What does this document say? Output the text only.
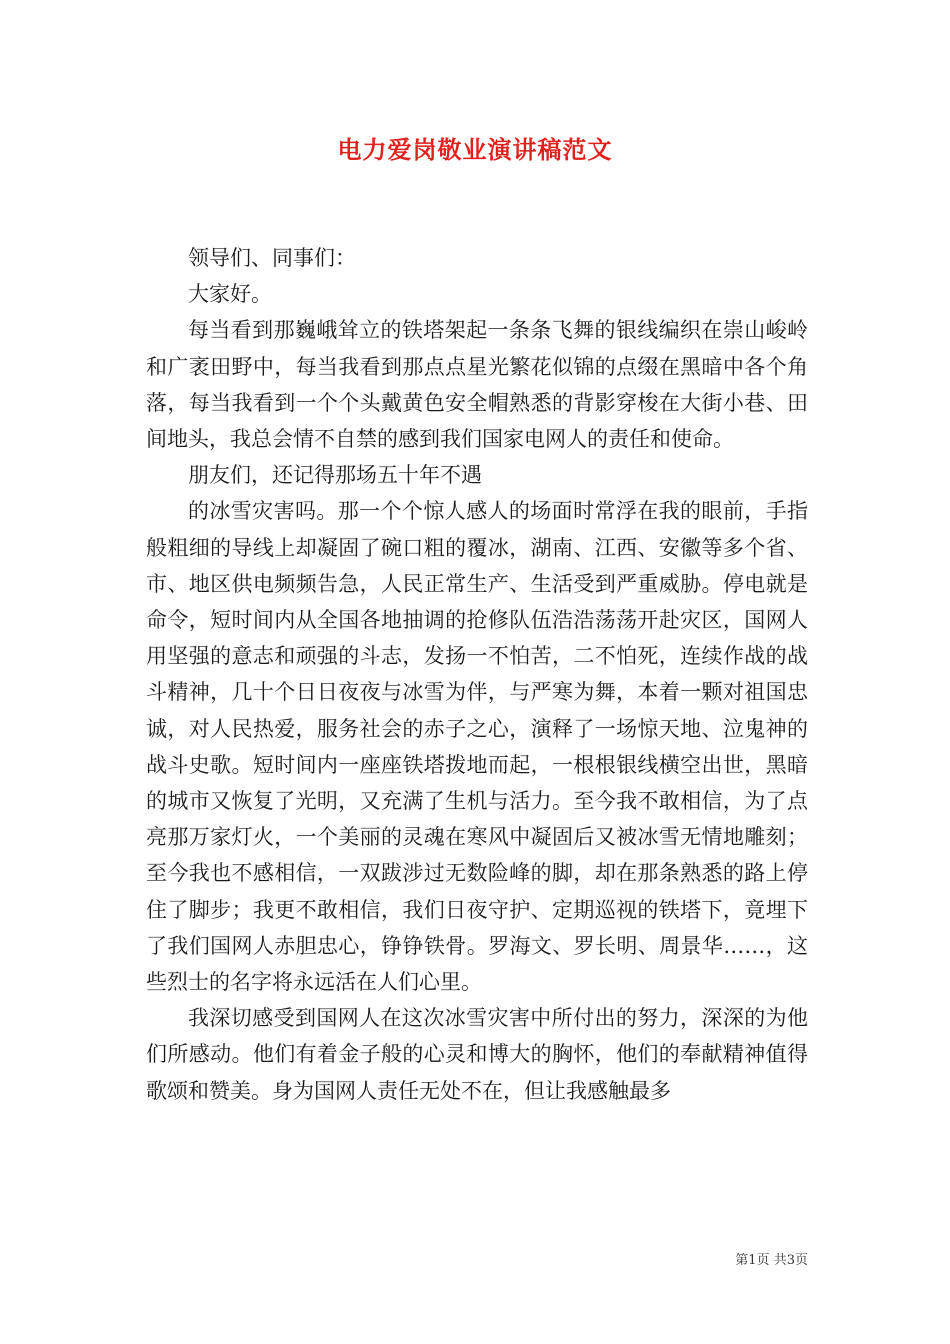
电力爱岗敬业演讲稿范文

领导们、同事们：

大家好。

每当看到那巍峨耸立的铁塔架起一条条飞舞的银线编织在崇山峻岭和广袤田野中，每当我看到那点点星光繁花似锦的点缀在黑暗中各个角落，每当我看到一个个头戴黄色安全帽熟悉的背影穿梭在大街小巷、田间地头，我总会情不自禁的感到我们国家电网人的责任和使命。

朋友们，还记得那场五十年不遇

的冰雪灾害吗。那一个个惊人感人的场面时常浮在我的眼前，手指般粗细的导线上却凝固了碗口粗的覆冰，湖南、江西、安徽等多个省、市、地区供电频频告急，人民正常生产、生活受到严重威胁。停电就是命令，短时间内从全国各地抽调的抢修队伍浩浩荡荡开赴灾区，国网人用坚强的意志和顽强的斗志，发扬一不怕苦，二不怕死，连续作战的战斗精神，几十个日日夜夜与冰雪为伴，与严寒为舞，本着一颗对祖国忠诚，对人民热爱，服务社会的赤子之心，演释了一场惊天地、泣鬼神的战斗史歌。短时间内一座座铁塔拨地而起，一根根银线横空出世，黑暗的城市又恢复了光明，又充满了生机与活力。至今我不敢相信，为了点亮那万家灯火，一个美丽的灵魂在寒风中凝固后又被冰雪无情地雕刻；至今我也不感相信，一双跋涉过无数险峰的脚，却在那条熟悉的路上停住了脚步；我更不敢相信，我们日夜守护、定期巡视的铁塔下，竟埋下了我们国网人赤胆忠心，铮铮铁骨。罗海文、罗长明、周景华……，这些烈士的名字将永远活在人们心里。

我深切感受到国网人在这次冰雪灾害中所付出的努力，深深的为他们所感动。他们有着金子般的心灵和博大的胸怀，他们的奉献精神值得歌颂和赞美。身为国网人责任无处不在，但让我感触最多

第1页 共3页
